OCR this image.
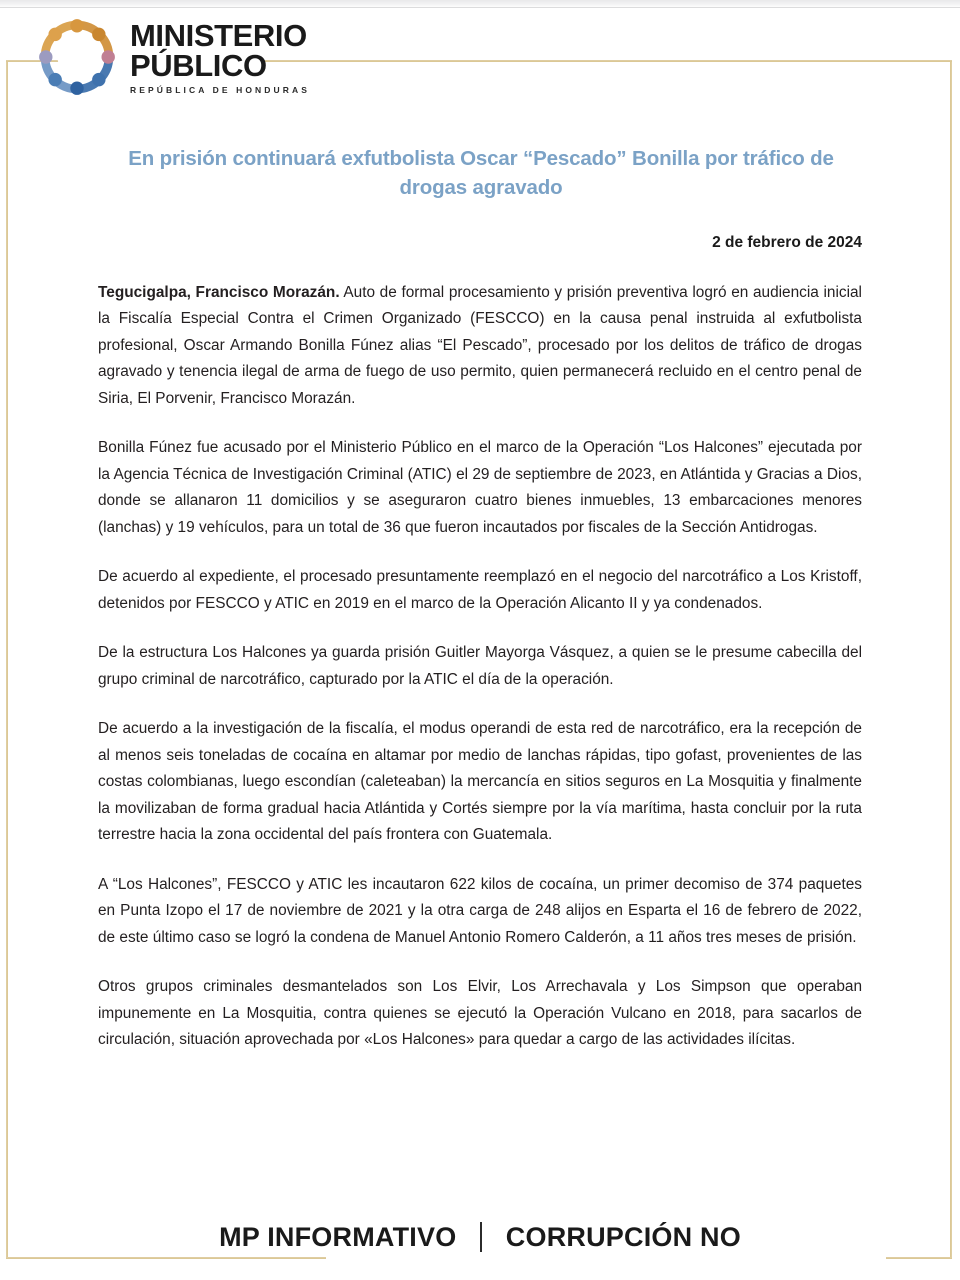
MINISTERIO
PÚBLICO
REPÚBLICA DE HONDURAS
En prisión continuará exfutbolista Oscar “Pescado” Bonilla por tráfico de drogas agravado
2 de febrero de 2024

Tegucigalpa, Francisco Morazán. Auto de formal procesamiento y prisión preventiva logró en audiencia inicial la Fiscalía Especial Contra el Crimen Organizado (FESCCO) en la causa penal instruida al exfutbolista profesional, Oscar Armando Bonilla Fúnez alias “El Pescado”, procesado por los delitos de tráfico de drogas agravado y tenencia ilegal de arma de fuego de uso permito, quien permanecerá recluido en el centro penal de Siria, El Porvenir, Francisco Morazán.

Bonilla Fúnez fue acusado por el Ministerio Público en el marco de la Operación “Los Halcones” ejecutada por la Agencia Técnica de Investigación Criminal (ATIC) el 29 de septiembre de 2023, en Atlántida y Gracias a Dios, donde se allanaron 11 domicilios y se aseguraron cuatro bienes inmuebles, 13 embarcaciones menores (lanchas) y 19 vehículos, para un total de 36 que fueron incautados por fiscales de la Sección Antidrogas.

De acuerdo al expediente, el procesado presuntamente reemplazó en el negocio del narcotráfico a Los Kristoff, detenidos por FESCCO y ATIC en 2019 en el marco de la Operación Alicanto II y ya condenados.

De la estructura Los Halcones ya guarda prisión Guitler Mayorga Vásquez, a quien se le presume cabecilla del grupo criminal de narcotráfico, capturado por la ATIC el día de la operación.

De acuerdo a la investigación de la fiscalía, el modus operandi de esta red de narcotráfico, era la recepción de al menos seis toneladas de cocaína en altamar por medio de lanchas rápidas, tipo gofast, provenientes de las costas colombianas, luego escondían (caleteaban) la mercancía en sitios seguros en La Mosquitia y finalmente la movilizaban de forma gradual hacia Atlántida y Cortés siempre por la vía marítima, hasta concluir por la ruta terrestre hacia la zona occidental del país frontera con Guatemala.

A “Los Halcones”, FESCCO y ATIC les incautaron 622 kilos de cocaína, un primer decomiso de 374 paquetes en Punta Izopo el 17 de noviembre de 2021 y la otra carga de 248 alijos en Esparta el 16 de febrero de 2022, de este último caso se logró la condena de Manuel Antonio Romero Calderón, a 11 años tres meses de prisión.

Otros grupos criminales desmantelados son Los Elvir, Los Arrechavala y Los Simpson que operaban impunemente en La Mosquitia, contra quienes se ejecutó la Operación Vulcano en 2018, para sacarlos de circulación, situación aprovechada por «Los Halcones» para quedar a cargo de las actividades ilícitas.

MP INFORMATIVO CORRUPCIÓN NO
